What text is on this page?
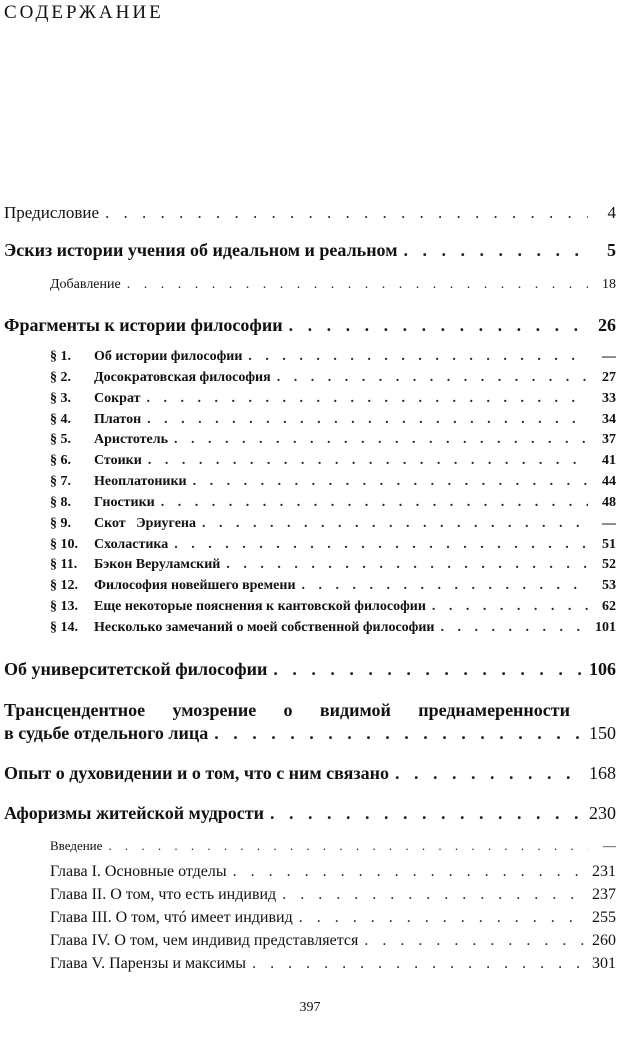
СОДЕРЖАНИЕ
Предисловие . . .	4
Эскиз истории учения об идеальном и реальном . . .	5
Добавление . . .	18
Фрагменты к истории философии . . .	26
§ 1. Об истории философии . . .	—
§ 2. Досократовская философия . . .	27
§ 3. Сократ . . .	33
§ 4. Платон . . .	34
§ 5. Аристотель . . .	37
§ 6. Стоики . . .	41
§ 7. Неоплатоники . . .	44
§ 8. Гностики . . .	48
§ 9. Скот   Эриугена . . .	—
§ 10. Схоластика . . .	51
§ 11. Бэкон Веруламский . . .	52
§ 12. Философия новейшего времени . . .	53
§ 13. Еще некоторые пояснения к кантовской философии . . .	62
§ 14. Несколько замечаний о моей собственной философии . . .	101
Об университетской философии . . .	106
Трансцендентное умозрение о видимой преднамеренности
в судьбе отдельного лица . . .	150
Опыт о духовидении и о том, что с ним связано . . .	168
Афоризмы житейской мудрости . . .	230
Введение . . .	—
Глава I. Основные отделы . . .	231
Глава II. О том, что есть индивид . . .	237
Глава III. О том, чтó имеет индивид . . .	255
Глава IV. О том, чем индивид представляется . . .	260
Глава V. Парензы и максимы . . .	301
397
